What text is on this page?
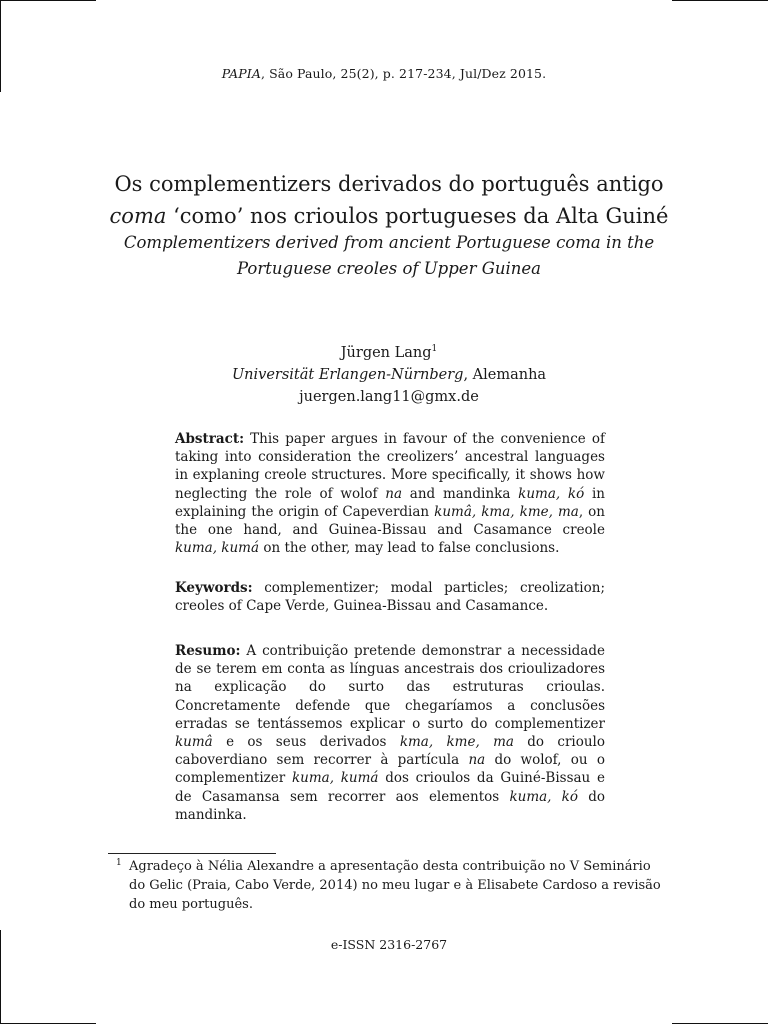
PAPIA, São Paulo, 25(2), p. 217-234, Jul/Dez 2015.
Os complementizers derivados do português antigo
coma ‘como’ nos crioulos portugueses da Alta Guiné
Complementizers derived from ancient Portuguese coma in the
Portuguese creoles of Upper Guinea
Jürgen Lang$^1$
Universität Erlangen-Nürnberg, Alemanha
juergen.lang11@gmx.de
Abstract: This paper argues in favour of the convenience of taking into consideration the creolizers’ ancestral languages in explaning creole structures. More specifically, it shows how neglecting the role of wolof na and mandinka kuma, kó in explaining the origin of Capeverdian kumâ, kma, kme, ma, on the one hand, and Guinea-Bissau and Casamance creole kuma, kumá on the other, may lead to false conclusions.
Keywords: complementizer; modal particles; creolization; creoles of Cape Verde, Guinea-Bissau and Casamance.
Resumo: A contribuição pretende demonstrar a necessidade de se terem em conta as línguas ancestrais dos crioulizadores na explicação do surto das estruturas crioulas. Concretamente defende que chegaríamos a conclusões erradas se tentássemos explicar o surto do complementizer kumâ e os seus derivados kma, kme, ma do crioulo caboverdiano sem recorrer à partícula na do wolof, ou o complementizer kuma, kumá dos crioulos da Guiné-Bissau e de Casamansa sem recorrer aos elementos kuma, kó do mandinka.
1 Agradeço à Nélia Alexandre a apresentação desta contribuição no V Seminário do Gelic (Praia, Cabo Verde, 2014) no meu lugar e à Elisabete Cardoso a revisão do meu português.
e-ISSN 2316-2767
